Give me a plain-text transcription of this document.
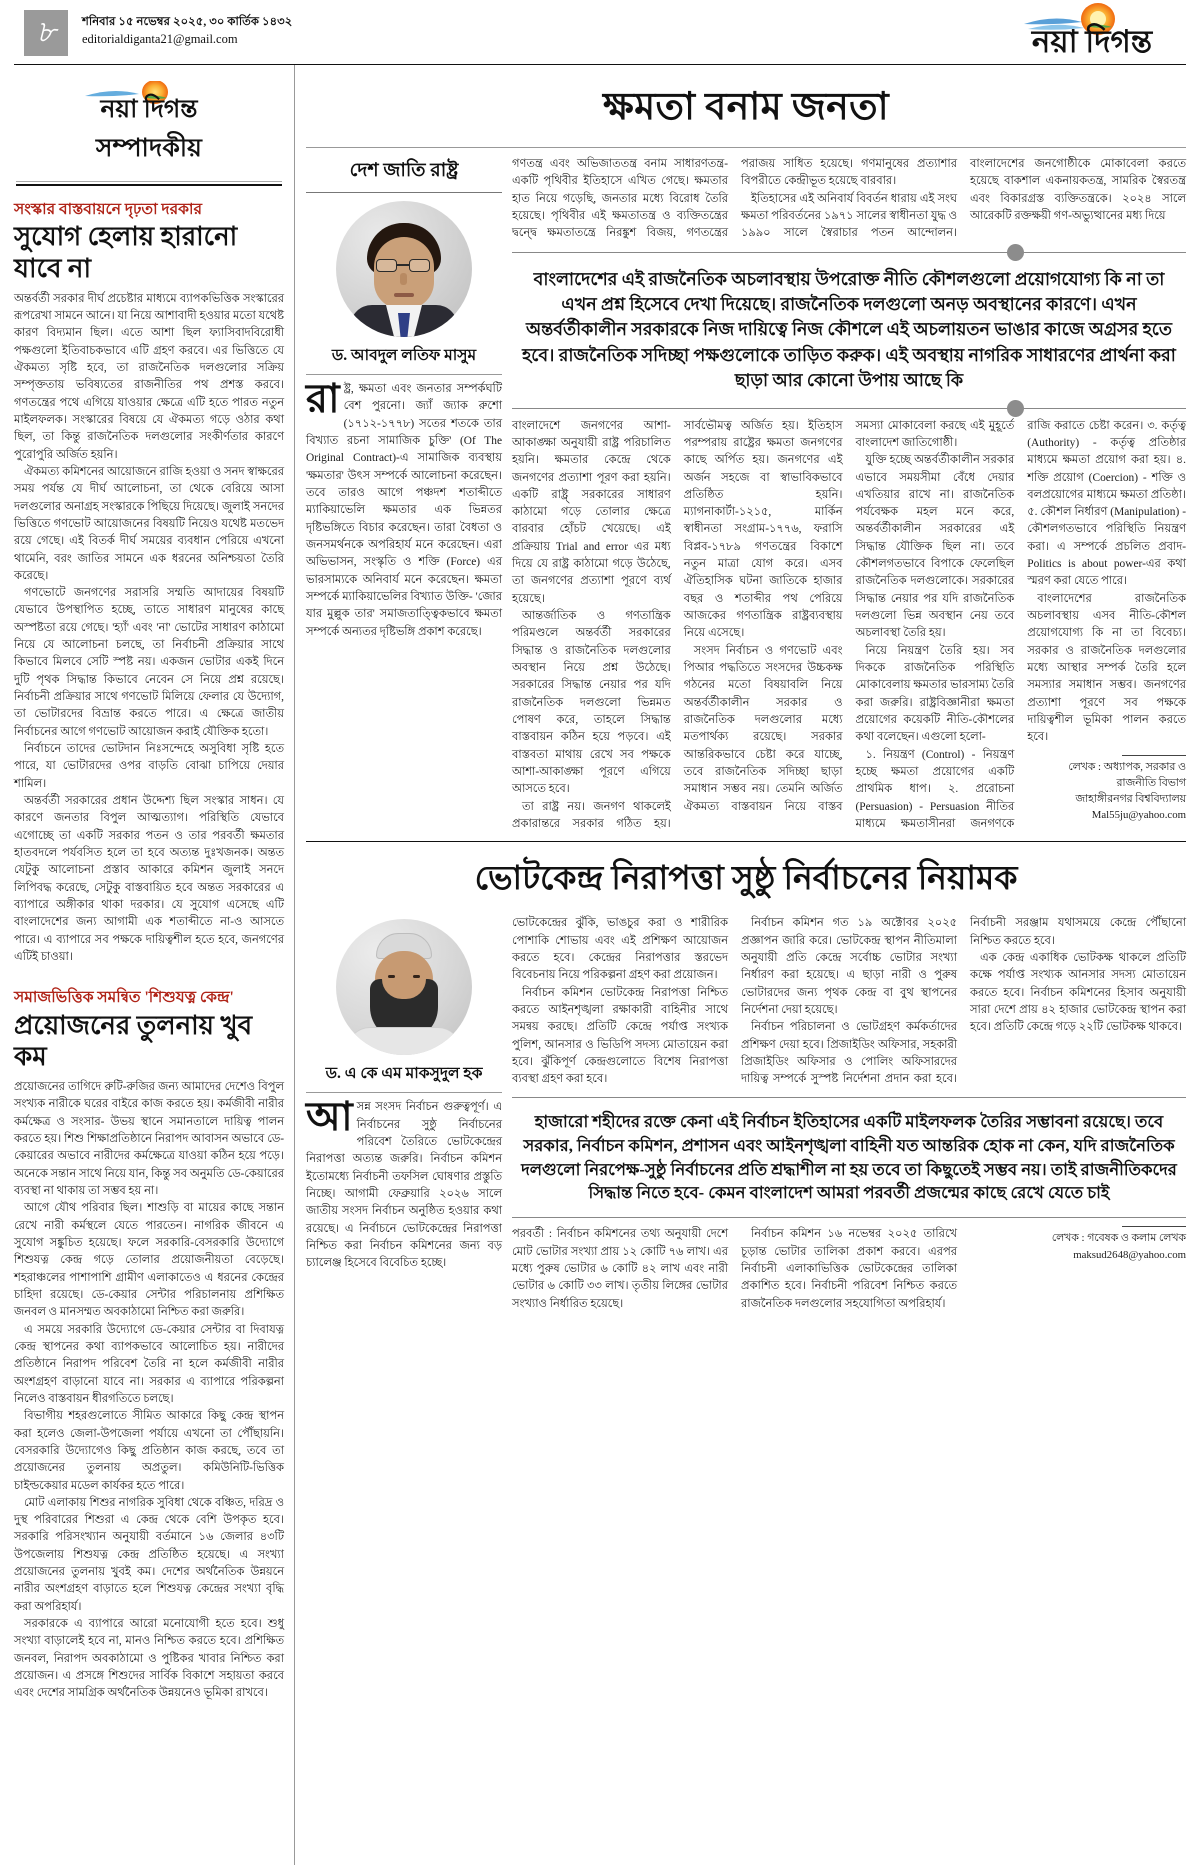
৮	শনিবার ১৫ নভেম্বর ২০২৫, ৩০ কার্তিক ১৪৩২
editorialdiganta21@gmail.com	নয়া দিগন্ত
নয়া দিগন্ত
সম্পাদকীয়
সংস্কার বাস্তবায়নে দৃঢ়তা দরকার
সুযোগ হেলায় হারানো যাবে না

অন্তর্বর্তী সরকার দীর্ঘ প্রচেষ্টার মাধ্যমে ব্যাপকভিত্তিক সংস্কারের রূপরেখা সামনে আনে। যা নিয়ে আশাবাদী হওয়ার মতো যথেষ্ট কারণ বিদ্যমান ছিল। এতে আশা ছিল ফ্যাসিবাদবিরোধী পক্ষগুলো ইতিবাচকভাবে এটি গ্রহণ করবে। এর ভিত্তিতে যে ঐকমত্য সৃষ্টি হবে, তা রাজনৈতিক দলগুলোর সক্রিয় সম্পৃক্ততায় ভবিষ্যতের রাজনীতির পথ প্রশস্ত করবে। গণতন্ত্রের পথে এগিয়ে যাওয়ার ক্ষেত্রে এটি হতে পারত নতুন মাইলফলক। সংস্কারের বিষয়ে যে ঐকমত্য গড়ে ওঠার কথা ছিল, তা কিন্তু রাজনৈতিক দলগুলোর সংকীর্ণতার কারণে পুরোপুরি অর্জিত হয়নি।

ঐকমত্য কমিশনের আয়োজনে রাজি হওয়া ও সনদ স্বাক্ষরের সময় পর্যন্ত যে দীর্ঘ আলোচনা, তা থেকে বেরিয়ে আসা দলগুলোর অনাগ্রহ সংস্কারকে পিছিয়ে দিয়েছে। জুলাই সনদের ভিত্তিতে গণভোট আয়োজনের বিষয়টি নিয়েও যথেষ্ট মতভেদ রয়ে গেছে। এই বিতর্ক দীর্ঘ সময়ের ব্যবধান পেরিয়ে এখনো থামেনি, বরং জাতির সামনে এক ধরনের অনিশ্চয়তা তৈরি করেছে।

গণভোটে জনগণের সরাসরি সম্মতি আদায়ের বিষয়টি যেভাবে উপস্থাপিত হচ্ছে, তাতে সাধারণ মানুষের কাছে অস্পষ্টতা রয়ে গেছে। 'হ্যাঁ' এবং 'না' ভোটের সাধারণ কাঠামো নিয়ে যে আলোচনা চলছে, তা নির্বাচনী প্রক্রিয়ার সাথে কিভাবে মিলবে সেটি স্পষ্ট নয়। একজন ভোটার একই দিনে দুটি পৃথক সিদ্ধান্ত কিভাবে নেবেন সে নিয়ে প্রশ্ন রয়েছে। নির্বাচনী প্রক্রিয়ার সাথে গণভোট মিলিয়ে ফেলার যে উদ্যোগ, তা ভোটারদের বিভ্রান্ত করতে পারে। এ ক্ষেত্রে জাতীয় নির্বাচনের আগে গণভোট আয়োজন করাই যৌক্তিক হতো।

নির্বাচনে তাদের ভোটদান নিঃসন্দেহে অসুবিধা সৃষ্টি হতে পারে, যা ভোটারদের ওপর বাড়তি বোঝা চাপিয়ে দেয়ার শামিল।

অন্তর্বর্তী সরকারের প্রধান উদ্দেশ্য ছিল সংস্কার সাধন। যে কারণে জনতার বিপুল আত্মত্যাগ। পরিস্থিতি যেভাবে এগোচ্ছে তা একটি সরকার পতন ও তার পরবর্তী ক্ষমতার হাতবদলে পর্যবসিত হলে তা হবে অত্যন্ত দুঃখজনক। অন্তত যেটুকু আলোচনা প্রস্তাব আকারে কমিশন জুলাই সনদে লিপিবদ্ধ করেছে, সেটুকু বাস্তবায়িত হবে অন্তত সরকারের এ ব্যাপারে অঙ্গীকার থাকা দরকার। যে সুযোগ এসেছে এটি বাংলাদেশের জন্য আগামী এক শতাব্দীতে না-ও আসতে পারে। এ ব্যাপারে সব পক্ষকে দায়িত্বশীল হতে হবে, জনগণের এটিই চাওয়া।

সমাজভিত্তিক সমন্বিত 'শিশুযত্ন কেন্দ্র'
প্রয়োজনের তুলনায় খুব কম

প্রয়োজনের তাগিদে রুটি-রুজির জন্য আমাদের দেশেও বিপুল সংখ্যক নারীকে ঘরের বাইরে কাজ করতে হয়। কর্মজীবী নারীর কর্মক্ষেত্র ও সংসার- উভয় স্থানে সমানতালে দায়িত্ব পালন করতে হয়। শিশু শিক্ষাপ্রতিষ্ঠানে নিরাপদ আবাসন অভাবে ডে-কেয়ারের অভাবে নারীদের কর্মক্ষেত্রে যাওয়া কঠিন হয়ে পড়ে। অনেকে সন্তান সাথে নিয়ে যান, কিন্তু সব অনুমতি ডে-কেয়ারের ব্যবস্থা না থাকায় তা সম্ভব হয় না।

আগে যৌথ পরিবার ছিল। শাশুড়ি বা মায়ের কাছে সন্তান রেখে নারী কর্মস্থলে যেতে পারতেন। নাগরিক জীবনে এ সুযোগ সঙ্কুচিত হয়েছে। ফলে সরকারি-বেসরকারি উদ্যোগে শিশুযত্ন কেন্দ্র গড়ে তোলার প্রয়োজনীয়তা বেড়েছে। শহরাঞ্চলের পাশাপাশি গ্রামীণ এলাকাতেও এ ধরনের কেন্দ্রের চাহিদা রয়েছে। ডে-কেয়ার সেন্টার পরিচালনায় প্রশিক্ষিত জনবল ও মানসম্মত অবকাঠামো নিশ্চিত করা জরুরি।

এ সময়ে সরকারি উদ্যোগে ডে-কেয়ার সেন্টার বা দিবাযত্ন কেন্দ্র স্থাপনের কথা ব্যাপকভাবে আলোচিত হয়। নারীদের প্রতিষ্ঠানে নিরাপদ পরিবেশ তৈরি না হলে কর্মজীবী নারীর অংশগ্রহণ বাড়ানো যাবে না। সরকার এ ব্যাপারে পরিকল্পনা নিলেও বাস্তবায়ন ধীরগতিতে চলছে।

বিভাগীয় শহরগুলোতে সীমিত আকারে কিছু কেন্দ্র স্থাপন করা হলেও জেলা-উপজেলা পর্যায়ে এখনো তা পৌঁছায়নি। বেসরকারি উদ্যোগেও কিছু প্রতিষ্ঠান কাজ করছে, তবে তা প্রয়োজনের তুলনায় অপ্রতুল। কমিউনিটি-ভিত্তিক চাইল্ডকেয়ার মডেল কার্যকর হতে পারে।

মোট এলাকায় শিশুর নাগরিক সুবিধা থেকে বঞ্চিত, দরিদ্র ও দুস্থ পরিবারের শিশুরা এ কেন্দ্র থেকে বেশি উপকৃত হবে। সরকারি পরিসংখ্যান অনুযায়ী বর্তমানে ১৬ জেলার ৪৩টি উপজেলায় শিশুযত্ন কেন্দ্র প্রতিষ্ঠিত হয়েছে। এ সংখ্যা প্রয়োজনের তুলনায় খুবই কম। দেশের অর্থনৈতিক উন্নয়নে নারীর অংশগ্রহণ বাড়াতে হলে শিশুযত্ন কেন্দ্রের সংখ্যা বৃদ্ধি করা অপরিহার্য।

সরকারকে এ ব্যাপারে আরো মনোযোগী হতে হবে। শুধু সংখ্যা বাড়ালেই হবে না, মানও নিশ্চিত করতে হবে। প্রশিক্ষিত জনবল, নিরাপদ অবকাঠামো ও পুষ্টিকর খাবার নিশ্চিত করা প্রয়োজন। এ প্রসঙ্গে শিশুদের সার্বিক বিকাশে সহায়তা করবে এবং দেশের সামগ্রিক অর্থনৈতিক উন্নয়নেও ভূমিকা রাখবে।

ক্ষমতা বনাম জনতা
দেশ জাতি রাষ্ট্র
ড. আবদুল লতিফ মাসুম
রাষ্ট্র, ক্ষমতা এবং জনতার সম্পর্কঘটি বেশ পুরনো। জ্যাঁ জ্যাক রুশো (১৭১২-১৭৭৮) সতের শতকে তার বিখ্যাত রচনা সামাজিক চুক্তি' (Of The Original Contract)-এ সামাজিক ব্যবস্থায় 'ক্ষমতার' উৎস সম্পর্কে আলোচনা করেছেন। তবে তারও আগে পঞ্চদশ শতাব্দীতে ম্যাকিয়াভেলি ক্ষমতার এক ভিন্নতর দৃষ্টিভঙ্গিতে বিচার করেছেন। তারা বৈধতা ও জনসমর্থনকে অপরিহার্য মনে করেছেন। এরা অভিভাসন, সংস্কৃতি ও শক্তি (Force) এর ভারসাম্যকে অনিবার্য মনে করেছেন। ক্ষমতা সম্পর্কে ম্যাকিয়াভেলির বিখ্যাত উক্তি- 'জোর যার মুল্লুক তার' সমাজতাত্ত্বিকভাবে ক্ষমতা সম্পর্কে অন্যতর দৃষ্টিভঙ্গি প্রকাশ করেছে।

গণতন্ত্র এবং অভিজাততন্ত্র বনাম সাধারণতন্ত্র- একটি পৃথিবীর ইতিহাসে এখিত গেছে। ক্ষমতার হাত নিয়ে গড়েছি, জনতার মধ্যে বিরোধ তৈরি হয়েছে। পৃথিবীর এই ক্ষমতাতন্ত্র ও ব্যক্তিতন্ত্রের দ্বন্দ্বে ক্ষমতাতন্ত্রে নিরঙ্কুশ বিজয়, গণতন্ত্রের পরাজয় সাধিত হয়েছে। গণমানুষের প্রত্যাশার বিপরীতে কেন্দ্রীভূত হয়েছে বারবার।

ইতিহাসের এই অনিবার্য বিবর্তন ধারায় এই সংঘ ক্ষমতা পরিবর্তনের ১৯৭১ সালের স্বাধীনতা যুদ্ধ ও ১৯৯০ সালে স্বৈরাচার পতন আন্দোলন। বাংলাদেশের জনগোষ্ঠীকে মোকাবেলা করতে হয়েছে বাকশাল একনায়কতন্ত্র, সামরিক স্বৈরতন্ত্র এবং বিকারগ্রস্ত ব্যক্তিতন্ত্রকে। ২০২৪ সালে আরেকটি রক্তক্ষয়ী গণ-অভ্যুত্থানের মধ্য দিয়ে

বাংলাদেশের এই রাজনৈতিক অচলাবস্থায় উপরোক্ত নীতি কৌশলগুলো প্রয়োগযোগ্য কি না তা এখন প্রশ্ন হিসেবে দেখা দিয়েছে। রাজনৈতিক দলগুলো অনড় অবস্থানের কারণে। এখন অন্তর্বর্তীকালীন সরকারকে নিজ দায়িত্বে নিজ কৌশলে এই অচলায়তন ভাঙার কাজে অগ্রসর হতে হবে। রাজনৈতিক সদিচ্ছা পক্ষগুলোকে তাড়িত করুক। এই অবস্থায় নাগরিক সাধারণের প্রার্থনা করা ছাড়া আর কোনো উপায় আছে কি

বাংলাদেশে জনগণের আশা-আকাঙ্ক্ষা অনুযায়ী রাষ্ট্র পরিচালিত হয়নি। ক্ষমতার কেন্দ্রে থেকে জনগণের প্রত্যাশা পূরণ করা হয়নি। একটি রাষ্ট্র্ সরকারের সাধারণ কাঠামো গড়ে তোলার ক্ষেত্রে বারবার হোঁচট খেয়েছে। এই প্রক্রিয়ায় Trial and error এর মধ্য দিয়ে যে রাষ্ট্র কাঠামো গড়ে উঠেছে, তা জনগণের প্রত্যাশা পূরণে ব্যর্থ হয়েছে।

আন্তর্জাতিক ও গণতান্ত্রিক পরিমণ্ডলে অন্তর্বর্তী সরকারের সিদ্ধান্ত ও রাজনৈতিক দলগুলোর অবস্থান নিয়ে প্রশ্ন উঠেছে। সরকারের সিদ্ধান্ত নেয়ার পর যদি রাজনৈতিক দলগুলো ভিন্নমত পোষণ করে, তাহলে সিদ্ধান্ত বাস্তবায়ন কঠিন হয়ে পড়বে। এই বাস্তবতা মাথায় রেখে সব পক্ষকে আশা-আকাঙ্ক্ষা পূরণে এগিয়ে আসতে হবে।

তা রাষ্ট্র নয়। জনগণ থাকলেই প্রকারান্তরে সরকার গঠিত হয়। সার্বভৌমত্ব অর্জিত হয়। ইতিহাস পরম্পরায় রাষ্ট্রের ক্ষমতা জনগণের কাছে অর্পিত হয়। জনগণের এই অর্জন সহজে বা স্বাভাবিকভাবে প্রতিষ্ঠিত হয়নি। ম্যাগনাকার্টা-১২১৫, মার্কিন স্বাধীনতা সংগ্রাম-১৭৭৬, ফরাসি বিপ্লব-১৭৮৯ গণতন্ত্রের বিকাশে নতুন মাত্রা যোগ করে। এসব ঐতিহাসিক ঘটনা জাতিকে হাজার বছর ও শতাব্দীর পথ পেরিয়ে আজকের গণতান্ত্রিক রাষ্ট্রব্যবস্থায় নিয়ে এসেছে।

সংসদ নির্বাচন ও গণভোট এবং পিআর পদ্ধতিতে সংসদের উচ্চকক্ষ গঠনের মতো বিষয়াবলি নিয়ে অন্তর্বর্তীকালীন সরকার ও রাজনৈতিক দলগুলোর মধ্যে মতপার্থক্য রয়েছে। সরকার আন্তরিকভাবে চেষ্টা করে যাচ্ছে, তবে রাজনৈতিক সদিচ্ছা ছাড়া সমাধান সম্ভব নয়। তেমনি অর্জিত ঐকমত্য বাস্তবায়ন নিয়ে বাস্তব সমস্যা মোকাবেলা করছে এই মুহূর্তে বাংলাদেশ জাতিগোষ্ঠী।

যুক্তি হচ্ছে অন্তর্বর্তীকালীন সরকার এভাবে সময়সীমা বেঁধে দেয়ার এখতিয়ার রাখে না। রাজনৈতিক পর্যবেক্ষক মহল মনে করে, অন্তর্বর্তীকালীন সরকারের এই সিদ্ধান্ত যৌক্তিক ছিল না। তবে কৌশলগতভাবে বিপাকে ফেলেছিল রাজনৈতিক দলগুলোকে। সরকারের সিদ্ধান্ত নেয়ার পর যদি রাজনৈতিক দলগুলো ভিন্ন অবস্থান নেয় তবে অচলাবস্থা তৈরি হয়।

নিয়ে নিয়ন্ত্রণ তৈরি হয়। সব দিককে রাজনৈতিক পরিস্থিতি মোকাবেলায় ক্ষমতার ভারসাম্য তৈরি করা জরুরি। রাষ্ট্রবিজ্ঞানীরা ক্ষমতা প্রয়োগের কয়েকটি নীতি-কৌশলের কথা বলেছেন। এগুলো হলো-

১. নিয়ন্ত্রণ (Control) - নিয়ন্ত্রণ হচ্ছে ক্ষমতা প্রয়োগের একটি প্রাথমিক ধাপ। ২. প্ররোচনা (Persuasion) - Persuasion নীতির মাধ্যমে ক্ষমতাসীনরা জনগণকে রাজি করাতে চেষ্টা করেন। ৩. কর্তৃত্ব (Authority) - কর্তৃত্ব প্রতিষ্ঠার মাধ্যমে ক্ষমতা প্রয়োগ করা হয়। ৪. শক্তি প্রয়োগ (Coercion) - শক্তি ও বলপ্রয়োগের মাধ্যমে ক্ষমতা প্রতিষ্ঠা। ৫. কৌশল নির্ধারণ (Manipulation) - কৌশলগতভাবে পরিস্থিতি নিয়ন্ত্রণ করা। এ সম্পর্কে প্রচলিত প্রবাদ- Politics is about power-এর কথা স্মরণ করা যেতে পারে।

বাংলাদেশের রাজনৈতিক অচলাবস্থায় এসব নীতি-কৌশল প্রয়োগযোগ্য কি না তা বিবেচ্য। সরকার ও রাজনৈতিক দলগুলোর মধ্যে আস্থার সম্পর্ক তৈরি হলে সমস্যার সমাধান সম্ভব। জনগণের প্রত্যাশা পূরণে সব পক্ষকে দায়িত্বশীল ভূমিকা পালন করতে হবে।

লেখক : অধ্যাপক, সরকার ও রাজনীতি বিভাগ
জাহাঙ্গীরনগর বিশ্ববিদ্যালয়
Mal55ju@yahoo.com
ভোটকেন্দ্র নিরাপত্তা সুষ্ঠু নির্বাচনের নিয়ামক
ড. এ কে এম মাকসুদুল হক
আসন্ন সংসদ নির্বাচন গুরুত্বপূর্ণ। এ নির্বাচনের সুষ্ঠু নির্বাচনের পরিবেশ তৈরিতে ভোটকেন্দ্রের নিরাপত্তা অত্যন্ত জরুরি। নির্বাচন কমিশন ইতোমধ্যে নির্বাচনী তফসিল ঘোষণার প্রস্তুতি নিচ্ছে। আগামী ফেব্রুয়ারি ২০২৬ সালে জাতীয় সংসদ নির্বাচন অনুষ্ঠিত হওয়ার কথা রয়েছে। এ নির্বাচনে ভোটকেন্দ্রের নিরাপত্তা নিশ্চিত করা নির্বাচন কমিশনের জন্য বড় চ্যালেঞ্জ হিসেবে বিবেচিত হচ্ছে।

ভোটকেন্দ্রের ঝুঁকি, ভাঙচুর করা ও শারীরিক পোশাকি শোভায় এবং এই প্রশিক্ষণ আয়োজন করতে হবে। কেন্দ্রের নিরাপত্তার স্তরভেদ বিবেচনায় নিয়ে পরিকল্পনা গ্রহণ করা প্রয়োজন।

নির্বাচন কমিশন ভোটকেন্দ্র নিরাপত্তা নিশ্চিত করতে আইনশৃঙ্খলা রক্ষাকারী বাহিনীর সাথে সমন্বয় করছে। প্রতিটি কেন্দ্রে পর্যাপ্ত সংখ্যক পুলিশ, আনসার ও ভিডিপি সদস্য মোতায়েন করা হবে। ঝুঁকিপূর্ণ কেন্দ্রগুলোতে বিশেষ নিরাপত্তা ব্যবস্থা গ্রহণ করা হবে।

নির্বাচন কমিশন গত ১৯ অক্টোবর ২০২৫ প্রজ্ঞাপন জারি করে। ভোটকেন্দ্র স্থাপন নীতিমালা অনুযায়ী প্রতি কেন্দ্রে সর্বোচ্চ ভোটার সংখ্যা নির্ধারণ করা হয়েছে। এ ছাড়া নারী ও পুরুষ ভোটারদের জন্য পৃথক কেন্দ্র বা বুথ স্থাপনের নির্দেশনা দেয়া হয়েছে।

নির্বাচন পরিচালনা ও ভোটগ্রহণ কর্মকর্তাদের প্রশিক্ষণ দেয়া হবে। প্রিজাইডিং অফিসার, সহকারী প্রিজাইডিং অফিসার ও পোলিং অফিসারদের দায়িত্ব সম্পর্কে সুস্পষ্ট নির্দেশনা প্রদান করা হবে। নির্বাচনী সরঞ্জাম যথাসময়ে কেন্দ্রে পৌঁছানো নিশ্চিত করতে হবে।

এক কেন্দ্র একাধিক ভোটকক্ষ থাকলে প্রতিটি কক্ষে পর্যাপ্ত সংখ্যক আনসার সদস্য মোতায়েন করতে হবে। নির্বাচন কমিশনের হিসাব অনুযায়ী সারা দেশে প্রায় ৪২ হাজার ভোটকেন্দ্র স্থাপন করা হবে। প্রতিটি কেন্দ্রে গড়ে ২২টি ভোটকক্ষ থাকবে।

হাজারো শহীদের রক্তে কেনা এই নির্বাচন ইতিহাসের একটি মাইলফলক তৈরির সম্ভাবনা রয়েছে। তবে সরকার, নির্বাচন কমিশন, প্রশাসন এবং আইনশৃঙ্খলা বাহিনী যত আন্তরিক হোক না কেন, যদি রাজনৈতিক দলগুলো নিরপেক্ষ-সুষ্ঠু নির্বাচনের প্রতি শ্রদ্ধাশীল না হয় তবে তা কিছুতেই সম্ভব নয়। তাই রাজনীতিকদের সিদ্ধান্ত নিতে হবে- কেমন বাংলাদেশ আমরা পরবর্তী প্রজন্মের কাছে রেখে যেতে চাই

পরবর্তী : নির্বাচন কমিশনের তথ্য অনুযায়ী দেশে মোট ভোটার সংখ্যা প্রায় ১২ কোটি ৭৬ লাখ। এর মধ্যে পুরুষ ভোটার ৬ কোটি ৪২ লাখ এবং নারী ভোটার ৬ কোটি ৩৩ লাখ। তৃতীয় লিঙ্গের ভোটার সংখ্যাও নির্ধারিত হয়েছে।

নির্বাচন কমিশন ১৬ নভেম্বর ২০২৫ তারিখে চূড়ান্ত ভোটার তালিকা প্রকাশ করবে। এরপর নির্বাচনী এলাকাভিত্তিক ভোটকেন্দ্রের তালিকা প্রকাশিত হবে। নির্বাচনী পরিবেশ নিশ্চিত করতে রাজনৈতিক দলগুলোর সহযোগিতা অপরিহার্য।

লেখক : গবেষক ও কলাম লেখক
maksud2648@yahoo.com
